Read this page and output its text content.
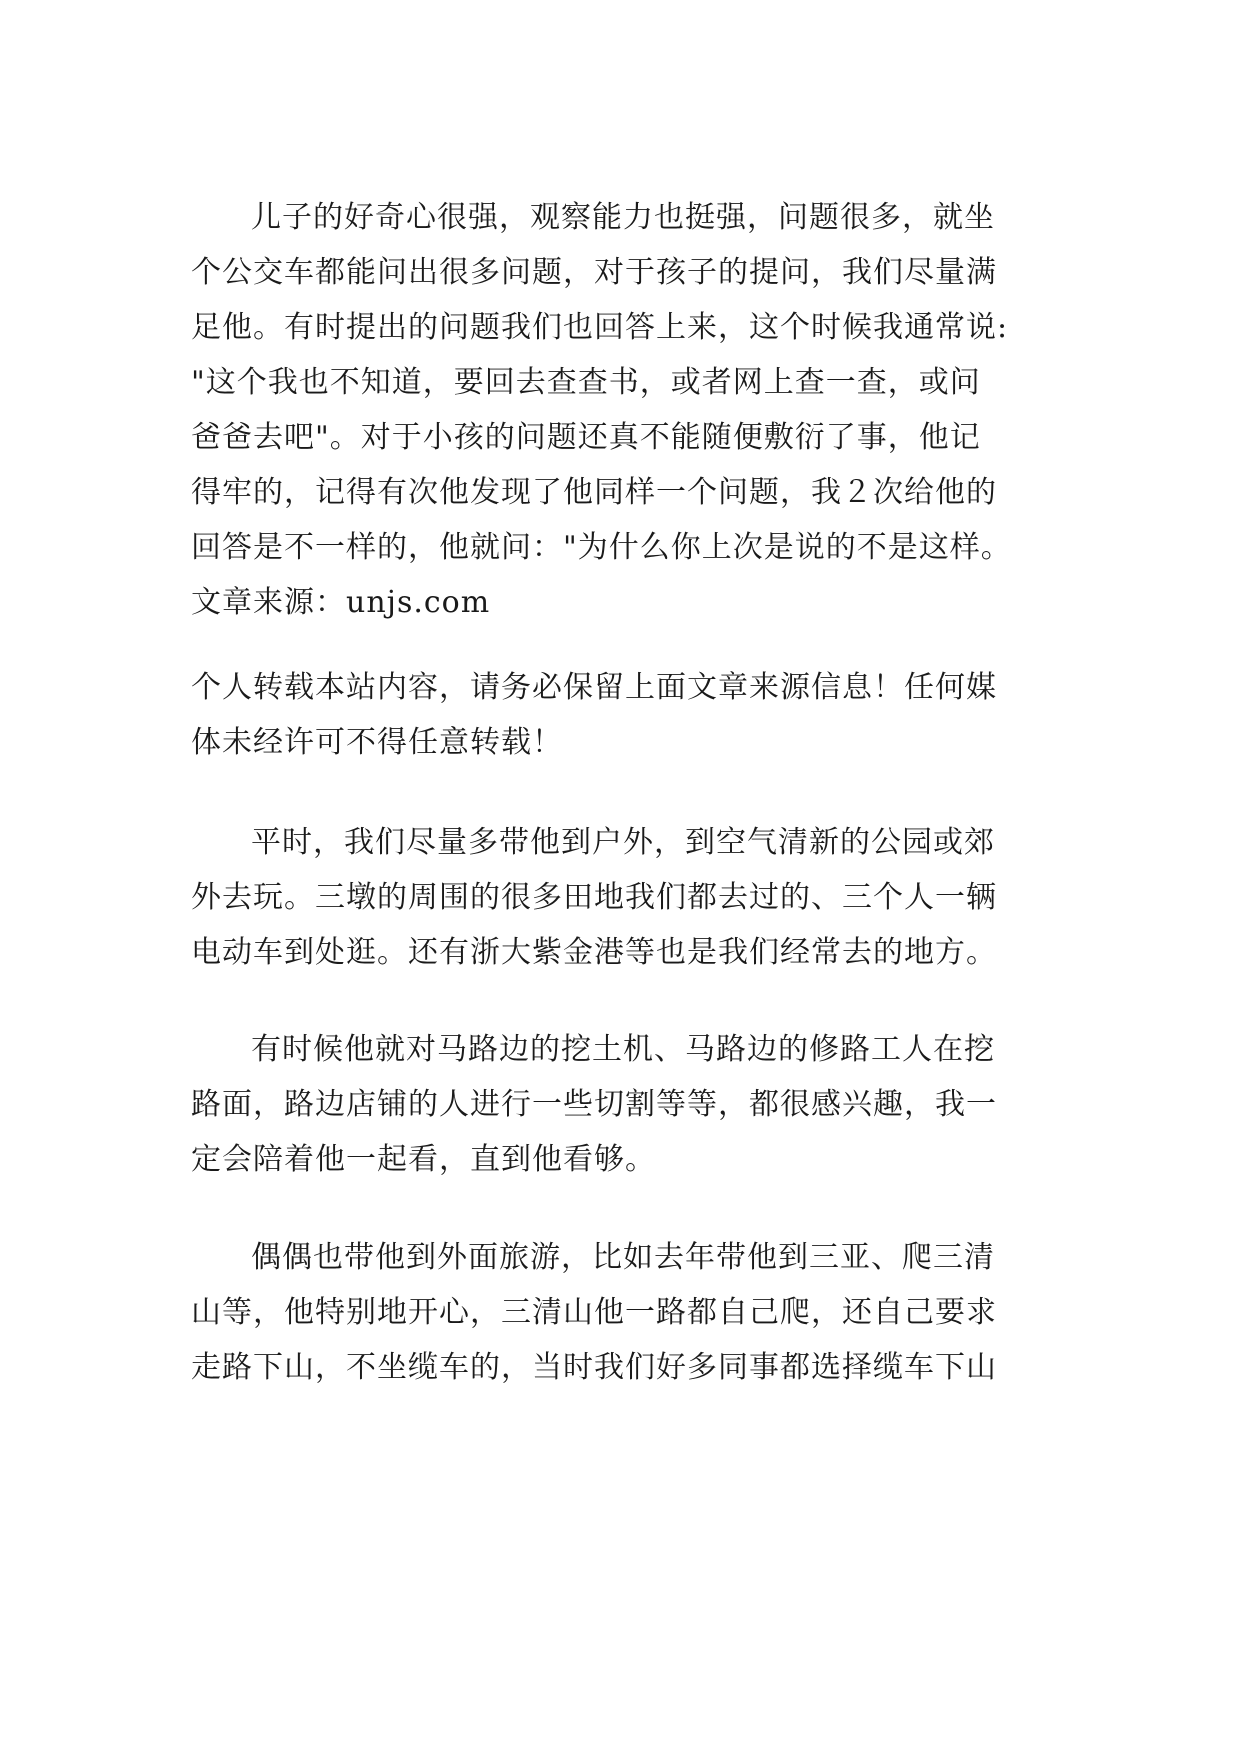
儿子的好奇心很强，观察能力也挺强，问题很多，就坐
个公交车都能问出很多问题，对于孩子的提问，我们尽量满
足他。有时提出的问题我们也回答上来，这个时候我通常说:
"这个我也不知道，要回去查查书，或者网上查一查，或问
爸爸去吧"。对于小孩的问题还真不能随便敷衍了事，他记
得牢的，记得有次他发现了他同样一个问题，我２次给他的
回答是不一样的，他就问："为什么你上次是说的不是这样。
文章来源：unjs.com
个人转载本站内容，请务必保留上面文章来源信息！任何媒
体未经许可不得任意转载！
平时，我们尽量多带他到户外，到空气清新的公园或郊
外去玩。三墩的周围的很多田地我们都去过的、三个人一辆
电动车到处逛。还有浙大紫金港等也是我们经常去的地方。
有时候他就对马路边的挖土机、马路边的修路工人在挖
路面，路边店铺的人进行一些切割等等，都很感兴趣，我一
定会陪着他一起看，直到他看够。
偶偶也带他到外面旅游，比如去年带他到三亚、爬三清
山等，他特别地开心，三清山他一路都自己爬，还自己要求
走路下山，不坐缆车的，当时我们好多同事都选择缆车下山
